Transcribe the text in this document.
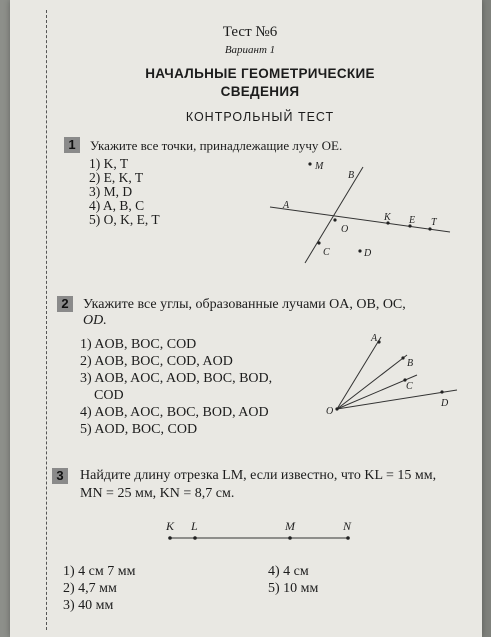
Тест №6
Вариант 1
НАЧАЛЬНЫЕ ГЕОМЕТРИЧЕСКИЕ
СВЕДЕНИЯ
КОНТРОЛЬНЫЙ ТЕСТ
1	Укажите все точки, принадлежащие лучу OE.
1) K, T
2) E, K, T
3) M, D
4) A, B, C
5) O, K, E, T
M
B
A
O
K E T
C	D
2	Укажите все углы, образованные лучами OA, OB, OC,
OD.
1) AOB, BOC, COD
2) AOB, BOC, COD, AOD
3) AOB, AOC, AOD, BOC, BOD,
COD
4) AOB, AOC, BOC, BOD, AOD
5) AOD, BOC, COD
O
A
B
C
D
3	Найдите длину отрезка LM, если известно, что KL = 15 мм,
MN = 25 мм, KN = 8,7 см.
K L	M	N
1) 4 см 7 мм
2) 4,7 мм
3) 40 мм
4) 4 см
5) 10 мм
